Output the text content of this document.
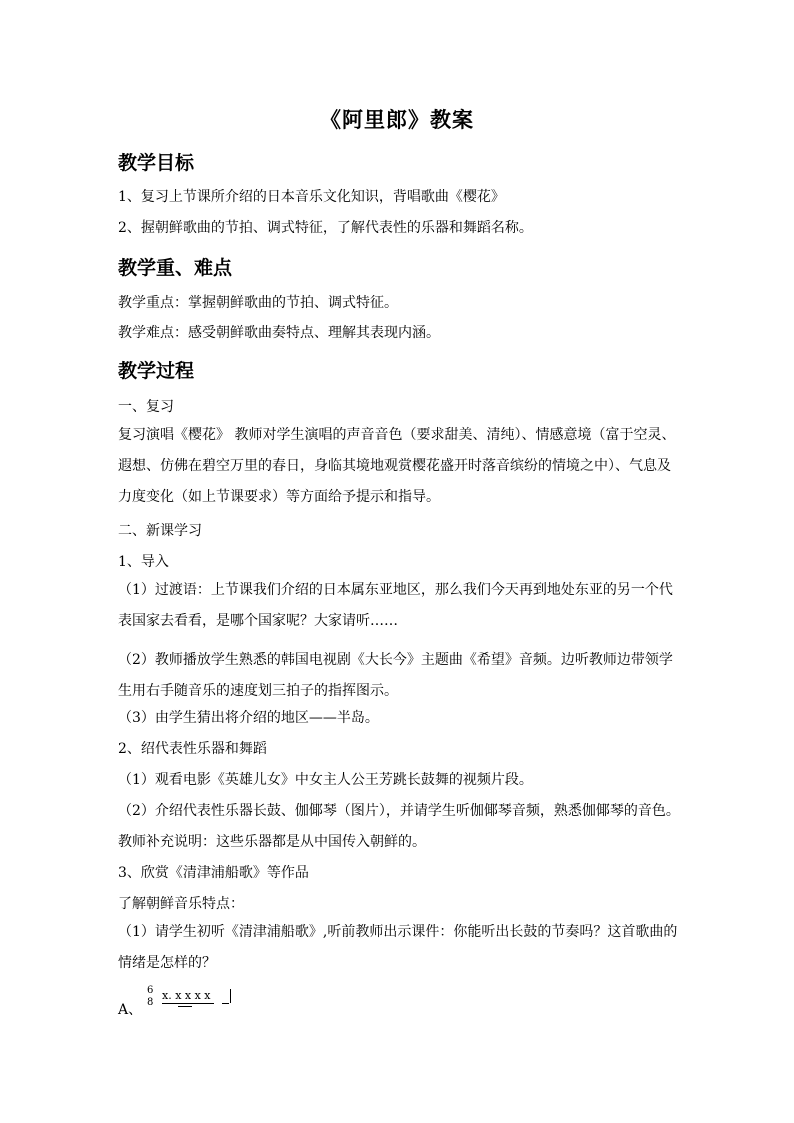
《阿里郎》教案
教学目标
1、复习上节课所介绍的日本音乐文化知识，背唱歌曲《樱花》
2、握朝鲜歌曲的节拍、调式特征，了解代表性的乐器和舞蹈名称。
教学重、难点
教学重点：掌握朝鲜歌曲的节拍、调式特征。
教学难点：感受朝鲜歌曲奏特点、理解其表现内涵。
教学过程
一、复习
复习演唱《樱花》 教师对学生演唱的声音音色（要求甜美、清纯）、情感意境（富于空灵、
遐想、仿佛在碧空万里的春日，身临其境地观赏樱花盛开时落音缤纷的情境之中）、气息及
力度变化（如上节课要求）等方面给予提示和指导。
二、新课学习
1、导入
（1）过渡语：上节课我们介绍的日本属东亚地区，那么我们今天再到地处东亚的另一个代
表国家去看看，是哪个国家呢？大家请听……
（2）教师播放学生熟悉的韩国电视剧《大长今》主题曲《希望》音频。边听教师边带领学
生用右手随音乐的速度划三拍子的指挥图示。
（3）由学生猜出将介绍的地区——半岛。
2、绍代表性乐器和舞蹈
（1）观看电影《英雄儿女》中女主人公王芳跳长鼓舞的视频片段。
（2）介绍代表性乐器长鼓、伽倻琴（图片），并请学生听伽倻琴音频，熟悉伽倻琴的音色。
教师补充说明：这些乐器都是从中国传入朝鲜的。
3、欣赏《清津浦船歌》等作品
了解朝鲜音乐特点：
（1）请学生初听《清津浦船歌》,听前教师出示课件：你能听出长鼓的节奏吗？这首歌曲的
情绪是怎样的？
A、
6
8
x. x x x x
